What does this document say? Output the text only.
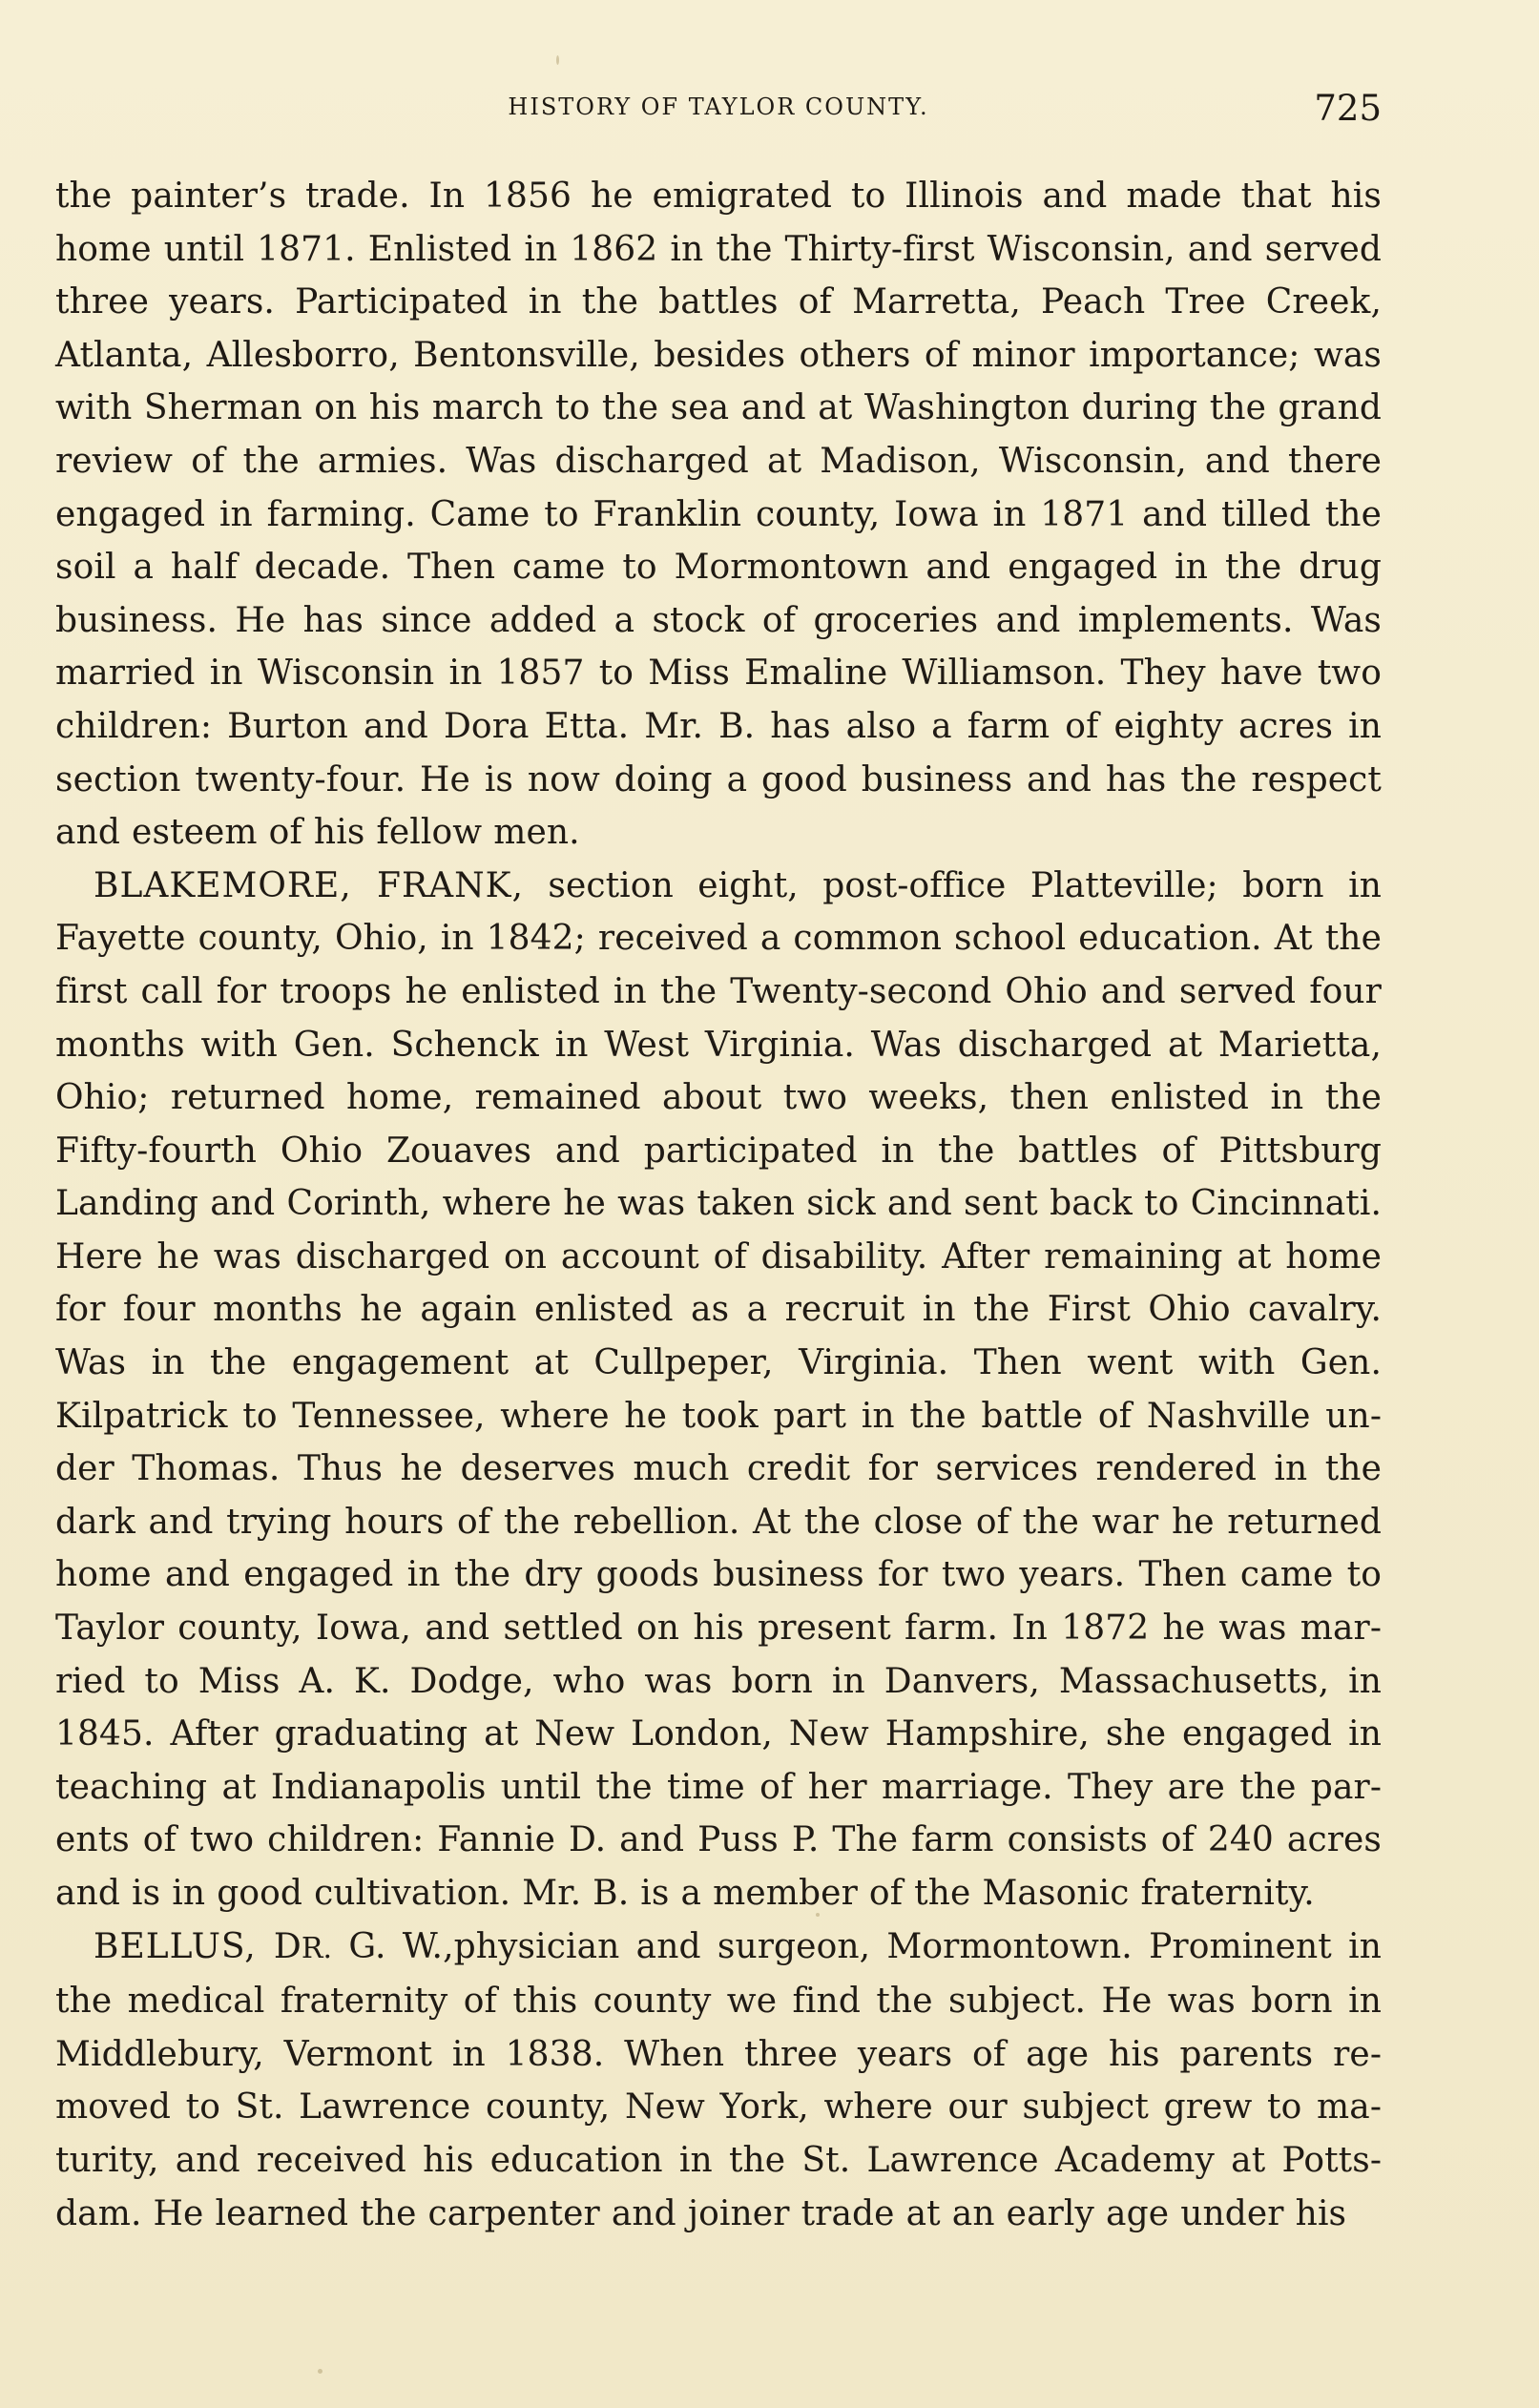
HISTORY OF TAYLOR COUNTY.	725

the painter’s trade. In 1856 he emigrated to Illinois and made that his home until 1871. Enlisted in 1862 in the Thirty-first Wisconsin, and served three years. Participated in the battles of Marretta, Peach Tree Creek, Atlanta, Allesborro, Bentonsville, besides others of minor importance; was with Sherman on his march to the sea and at Washington during the grand review of the armies. Was discharged at Madison, Wisconsin, and there engaged in farming. Came to Franklin county, Iowa in 1871 and tilled the soil a half decade. Then came to Mormontown and engaged in the drug business. He has since added a stock of groceries and implements. Was married in Wisconsin in 1857 to Miss Emaline Williamson. They have two children: Burton and Dora Etta. Mr. B. has also a farm of eighty acres in section twenty-four. He is now doing a good business and has the respect and esteem of his fellow men.

BLAKEMORE, FRANK, section eight, post-office Platteville; born in Fayette county, Ohio, in 1842; received a common school education. At the first call for troops he enlisted in the Twenty-second Ohio and served four months with Gen. Schenck in West Virginia. Was discharged at Marietta, Ohio; returned home, remained about two weeks, then enlisted in the Fifty-fourth Ohio Zouaves and participated in the battles of Pittsburg Landing and Corinth, where he was taken sick and sent back to Cincinnati. Here he was discharged on account of disability. After remaining at home for four months he again enlisted as a recruit in the First Ohio cavalry. Was in the engagement at Cullpeper, Virginia. Then went with Gen. Kilpatrick to Tennessee, where he took part in the battle of Nashville under Thomas. Thus he deserves much credit for services rendered in the dark and trying hours of the rebellion. At the close of the war he returned home and engaged in the dry goods business for two years. Then came to Taylor county, Iowa, and settled on his present farm. In 1872 he was married to Miss A. K. Dodge, who was born in Danvers, Massachusetts, in 1845. After graduating at New London, New Hampshire, she engaged in teaching at Indianapolis until the time of her marriage. They are the parents of two children: Fannie D. and Puss P. The farm consists of 240 acres and is in good cultivation. Mr. B. is a member of the Masonic fraternity.

BELLUS, DR. G. W.,physician and surgeon, Mormontown. Prominent in the medical fraternity of this county we find the subject. He was born in Middlebury, Vermont in 1838. When three years of age his parents removed to St. Lawrence county, New York, where our subject grew to maturity, and received his education in the St. Lawrence Academy at Pottsdam. He learned the carpenter and joiner trade at an early age under his
